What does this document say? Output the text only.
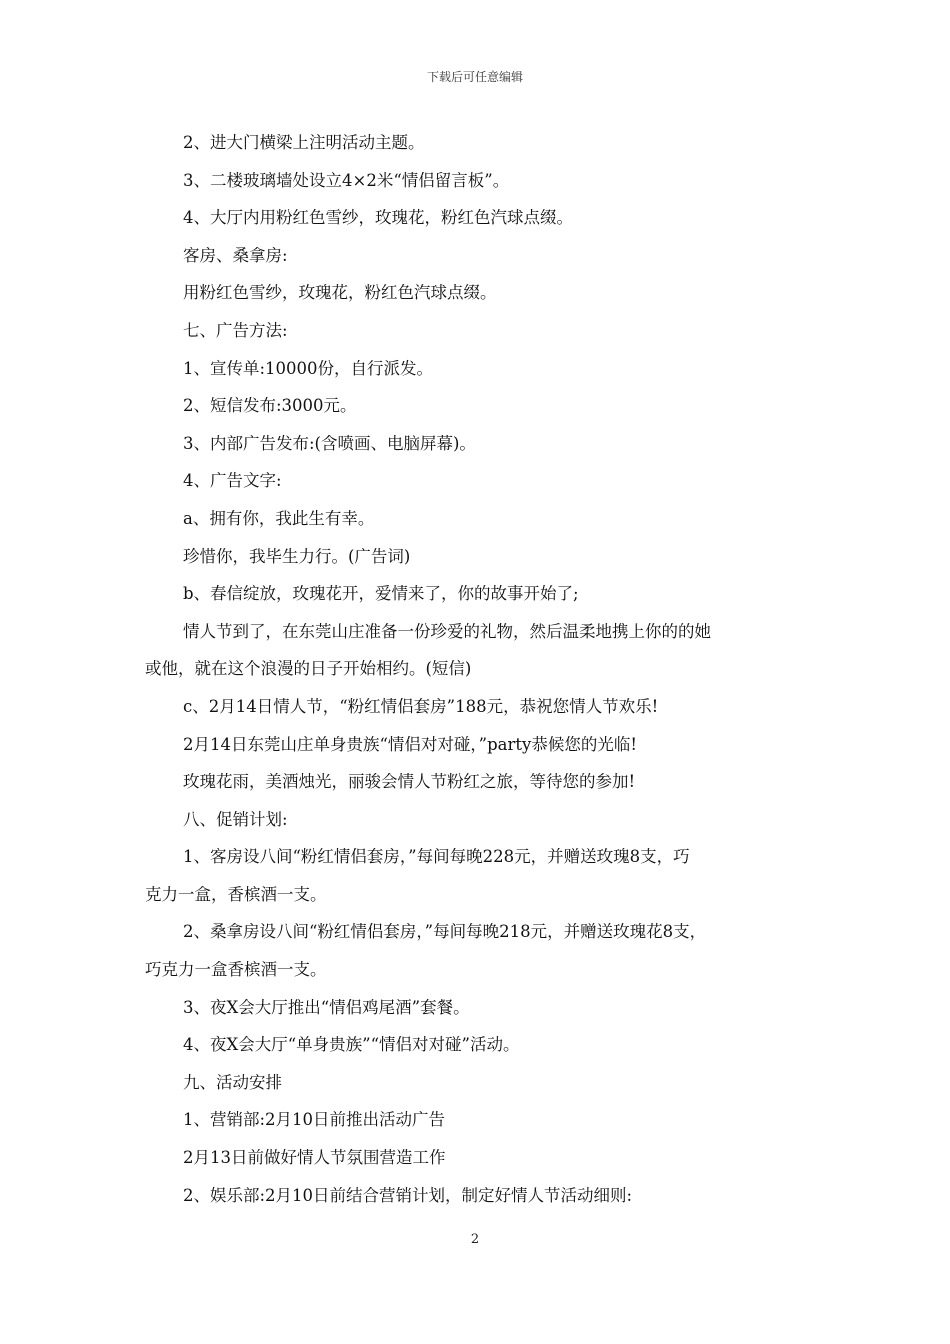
下载后可任意编辑
2、进大门横梁上注明活动主题。
3、二楼玻璃墙处设立4×2米“情侣留言板”。
4、大厅内用粉红色雪纱，玫瑰花，粉红色汽球点缀。
客房、桑拿房:
用粉红色雪纱，玫瑰花，粉红色汽球点缀。
七、广告方法:
1、宣传单:10000份，自行派发。
2、短信发布:3000元。
3、内部广告发布:(含喷画、电脑屏幕)。
4、广告文字:
a、拥有你，我此生有幸。
珍惜你，我毕生力行。(广告词)
b、春信绽放，玫瑰花开，爱情来了，你的故事开始了;
情人节到了，在东莞山庄准备一份珍爱的礼物，然后温柔地携上你的的她
或他，就在这个浪漫的日子开始相约。(短信)
c、2月14日情人节，“粉红情侣套房”188元，恭祝您情人节欢乐!
2月14日东莞山庄单身贵族“情侣对对碰，”party恭候您的光临!
玫瑰花雨，美酒烛光，丽骏会情人节粉红之旅，等待您的参加!
八、促销计划:
1、客房设八间“粉红情侣套房，”每间每晚228元，并赠送玫瑰8支，巧
克力一盒，香槟酒一支。
2、桑拿房设八间“粉红情侣套房，”每间每晚218元，并赠送玫瑰花8支，
巧克力一盒香槟酒一支。
3、夜X会大厅推出“情侣鸡尾酒”套餐。
4、夜X会大厅“单身贵族”“情侣对对碰”活动。
九、活动安排
1、营销部:2月10日前推出活动广告
2月13日前做好情人节氛围营造工作
2、娱乐部:2月10日前结合营销计划，制定好情人节活动细则:
2
